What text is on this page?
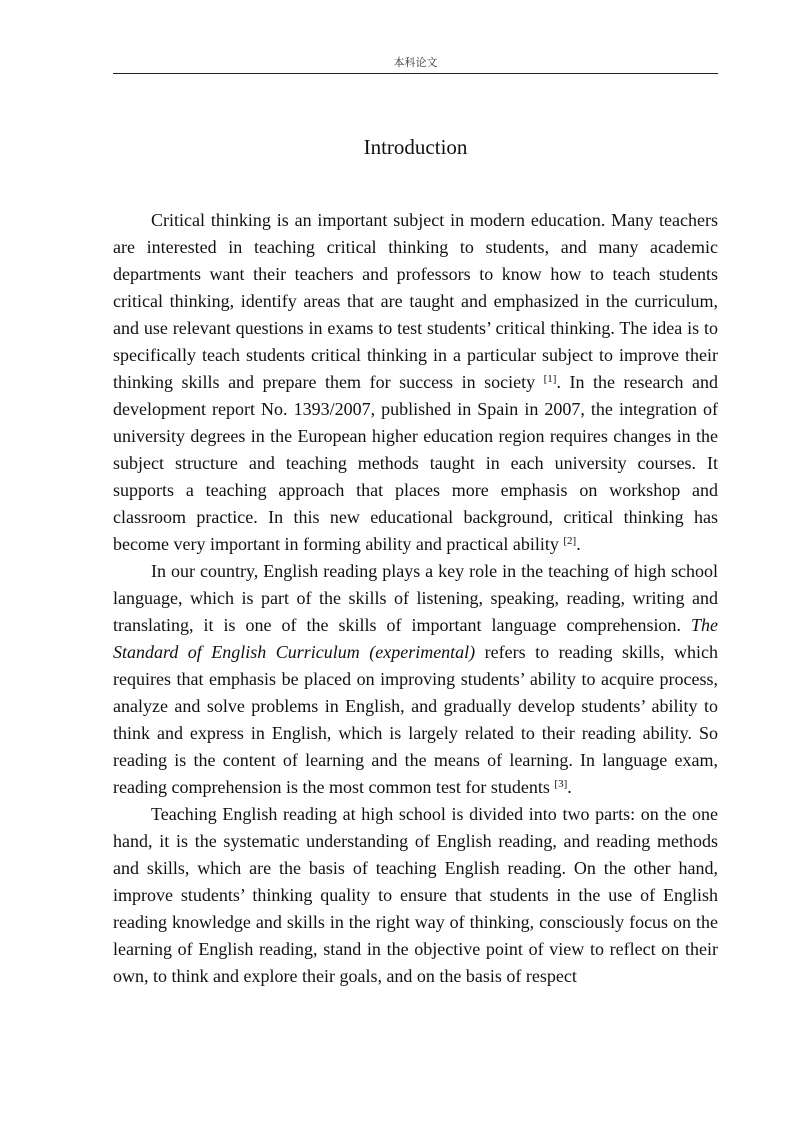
本科论文
Introduction

Critical thinking is an important subject in modern education. Many teachers are interested in teaching critical thinking to students, and many academic departments want their teachers and professors to know how to teach students critical thinking, identify areas that are taught and emphasized in the curriculum, and use relevant questions in exams to test students’ critical thinking. The idea is to specifically teach students critical thinking in a particular subject to improve their thinking skills and prepare them for success in society [1]. In the research and development report No. 1393/2007, published in Spain in 2007, the integration of university degrees in the European higher education region requires changes in the subject structure and teaching methods taught in each university courses. It supports a teaching approach that places more emphasis on workshop and classroom practice. In this new educational background, critical thinking has become very important in forming ability and practical ability [2].

In our country, English reading plays a key role in the teaching of high school language, which is part of the skills of listening, speaking, reading, writing and translating, it is one of the skills of important language comprehension. The Standard of English Curriculum (experimental) refers to reading skills, which requires that emphasis be placed on improving students’ ability to acquire process, analyze and solve problems in English, and gradually develop students’ ability to think and express in English, which is largely related to their reading ability. So reading is the content of learning and the means of learning. In language exam, reading comprehension is the most common test for students [3].

Teaching English reading at high school is divided into two parts: on the one hand, it is the systematic understanding of English reading, and reading methods and skills, which are the basis of teaching English reading. On the other hand, improve students’ thinking quality to ensure that students in the use of English reading knowledge and skills in the right way of thinking, consciously focus on the learning of English reading, stand in the objective point of view to reflect on their own, to think and explore their goals, and on the basis of respect
